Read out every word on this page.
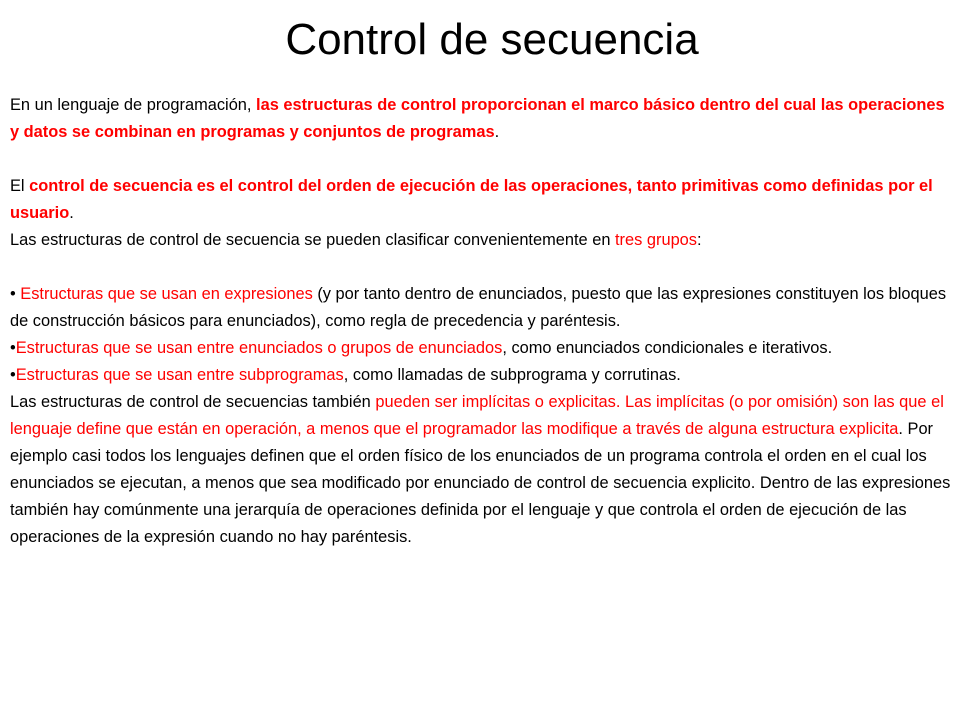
Control de secuencia

En un lenguaje de programación, las estructuras de control proporcionan el marco básico dentro del cual las operaciones y datos se combinan en programas y conjuntos de programas.

El control de secuencia es el control del orden de ejecución de las operaciones, tanto primitivas como definidas por el usuario.

Las estructuras de control de secuencia se pueden clasificar convenientemente en tres grupos:

• Estructuras que se usan en expresiones (y por tanto dentro de enunciados, puesto que las expresiones constituyen los bloques de construcción básicos para enunciados), como regla de precedencia y paréntesis.

•Estructuras que se usan entre enunciados o grupos de enunciados, como enunciados condicionales e iterativos.

•Estructuras que se usan entre subprogramas, como llamadas de subprograma y corrutinas.

Las estructuras de control de secuencias también pueden ser implícitas o explicitas. Las implícitas (o por omisión) son las que el lenguaje define que están en operación, a menos que el programador las modifique a través de alguna estructura explicita. Por ejemplo casi todos los lenguajes definen que el orden físico de los enunciados de un programa controla el orden en el cual los enunciados se ejecutan, a menos que sea modificado por enunciado de control de secuencia explicito. Dentro de las expresiones también hay comúnmente una jerarquía de operaciones definida por el lenguaje y que controla el orden de ejecución de las operaciones de la expresión cuando no hay paréntesis.
